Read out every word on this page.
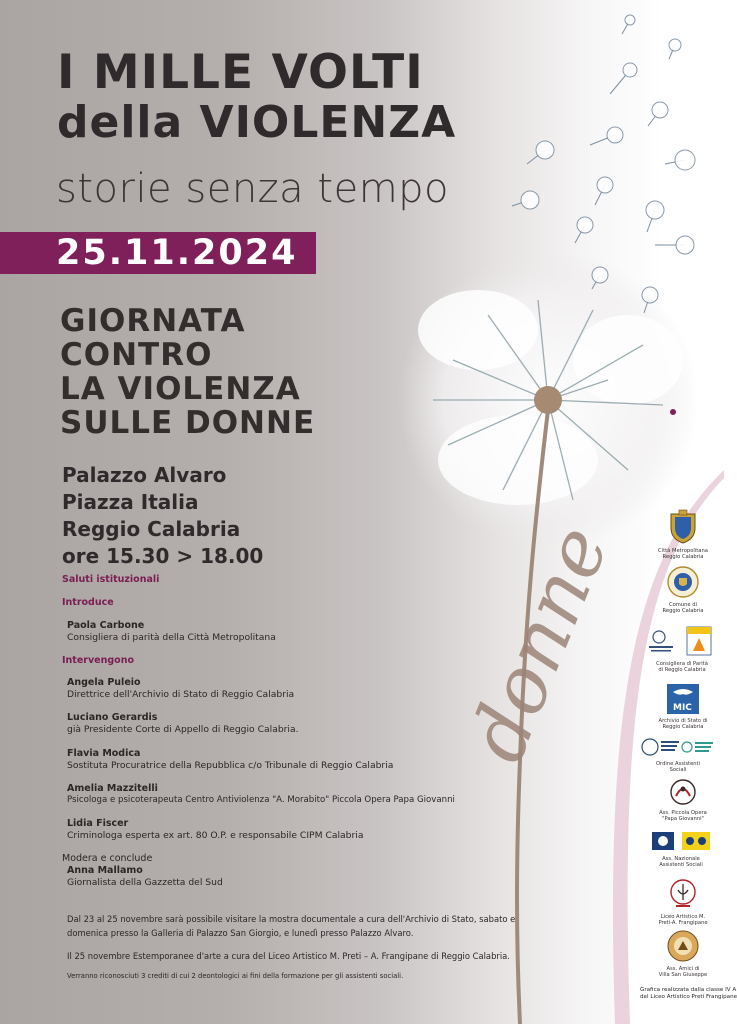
donne
I MILLE VOLTI
della VIOLENZA
storie senza tempo
25.11.2024
GIORNATA
CONTRO
LA VIOLENZA
SULLE DONNE
Palazzo Alvaro
Piazza Italia
Reggio Calabria
ore 15.30 > 18.00
Saluti istituzionali
Introduce
Paola Carbone
Consigliera di parità della Città Metropolitana
Intervengono
Angela Puleio
Direttrice dell'Archivio di Stato di Reggio Calabria
Luciano Gerardis
già Presidente Corte di Appello di Reggio Calabria.
Flavia Modica
Sostituta Procuratrice della Repubblica c/o Tribunale di Reggio Calabria
Amelia Mazzitelli
Psicologa e psicoterapeuta Centro Antiviolenza "A. Morabito" Piccola Opera Papa Giovanni
Lidia Fiscer
Criminologa esperta ex art. 80 O.P. e responsabile CIPM Calabria
Modera e conclude
Anna Mallamo
Giornalista della Gazzetta del Sud
Dal 23 al 25 novembre sarà possibile visitare la mostra documentale a cura dell'Archivio di Stato, sabato e
domenica presso la Galleria di Palazzo San Giorgio, e lunedì presso Palazzo Alvaro.
Il 25 novembre Estemporanee d'arte a cura del Liceo Artistico M. Preti – A. Frangipane di Reggio Calabria.
Verranno riconosciuti 3 crediti di cui 2 deontologici ai fini della formazione per gli assistenti sociali.
Città Metropolitana
Reggio Calabria
Comune di
Reggio Calabria
Consigliera di Parità
di Reggio Calabria
MIC
Archivio di Stato di
Reggio Calabria
Ordine Assistenti
Sociali
Ass. Piccola Opera
"Papa Giovanni"
Ass. Nazionale
Assistenti Sociali
Liceo Artistico M.
Preti-A. Frangipane
Ass. Amici di
Villa San Giuseppe
Grafica realizzata dalla classe IV A
del Liceo Artistico Preti Frangipane
